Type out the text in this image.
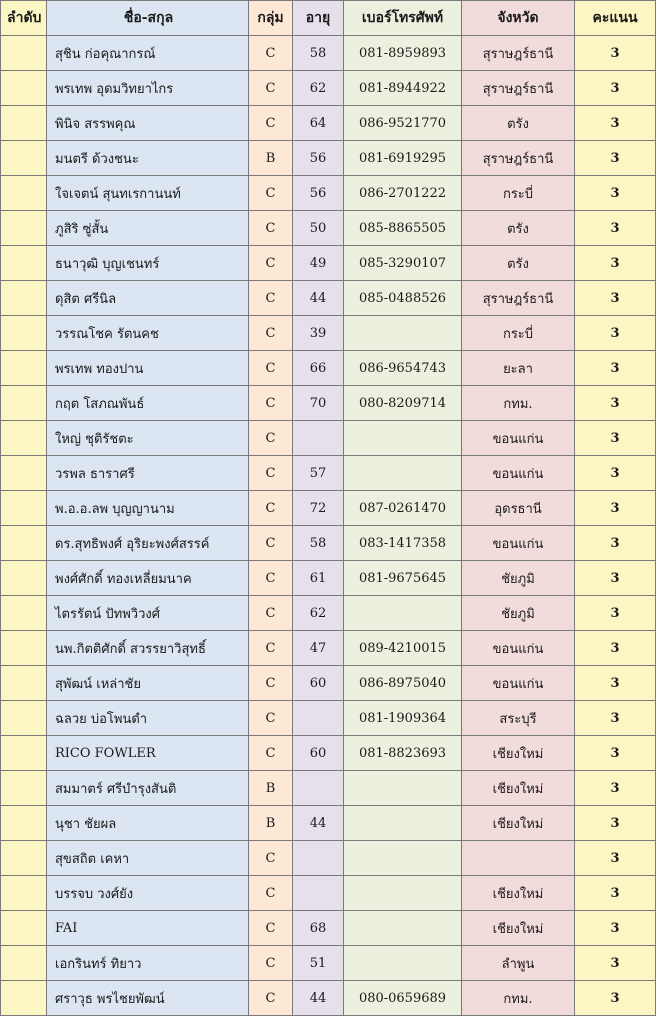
ลำดับ	ชื่อ-สกุล	กลุ่ม	อายุ	เบอร์โทรศัพท์	จังหวัด	คะแนน
	สุชิน ก่อคุณากรณ์	C	58	081-8959893	สุราษฎร์ธานี	3
	พรเทพ อุดมวิทยาไกร	C	62	081-8944922	สุราษฎร์ธานี	3
	พินิจ สรรพคุณ	C	64	086-9521770	ตรัง	3
	มนตรี ด้วงชนะ	B	56	081-6919295	สุราษฎร์ธานี	3
	ใจเจตน์ สุนทเรกานนท์	C	56	086-2701222	กระบี่	3
	ภูสิริ ซู่สั้น	C	50	085-8865505	ตรัง	3
	ธนาวุฒิ บุญเชนทร์	C	49	085-3290107	ตรัง	3
	ดุสิต ศรีนิล	C	44	085-0488526	สุราษฎร์ธานี	3
	วรรณโชค รัตนคช	C	39		กระบี่	3
	พรเทพ ทองปาน	C	66	086-9654743	ยะลา	3
	กฤต โสภณพันธ์	C	70	080-8209714	กทม.	3
	ใหญ่ ชุติรัชตะ	C			ขอนแก่น	3
	วรพล ธาราศรี	C	57		ขอนแก่น	3
	พ.อ.อ.ลพ บุญญานาม	C	72	087-0261470	อุดรธานี	3
	ดร.สุทธิพงศ์ อุริยะพงศ์สรรค์	C	58	083-1417358	ขอนแก่น	3
	พงศ์ศักดิ์ ทองเหลี่ยมนาค	C	61	081-9675645	ชัยภูมิ	3
	ไตรรัตน์ ปัทพวิวงศ์	C	62		ชัยภูมิ	3
	นพ.กิตติศักดิ์ สวรรยาวิสุทธิ์	C	47	089-4210015	ขอนแก่น	3
	สุพัฒน์ เหล่าชัย	C	60	086-8975040	ขอนแก่น	3
	ฉลวย บ่อโพนดำ	C		081-1909364	สระบุรี	3
	RICO FOWLER	C	60	081-8823693	เชียงใหม่	3
	สมมาตร์ ศรีบำรุงสันติ	B			เชียงใหม่	3
	นุชา ชัยผล	B	44		เชียงใหม่	3
	สุขสถิต เคหา	C				3
	บรรจบ วงศ์ยัง	C			เชียงใหม่	3
	FAI	C	68		เชียงใหม่	3
	เอกรินทร์ ทิยาว	C	51		ลำพูน	3
	ศราวุธ พรไชยพัฒน์	C	44	080-0659689	กทม.	3
